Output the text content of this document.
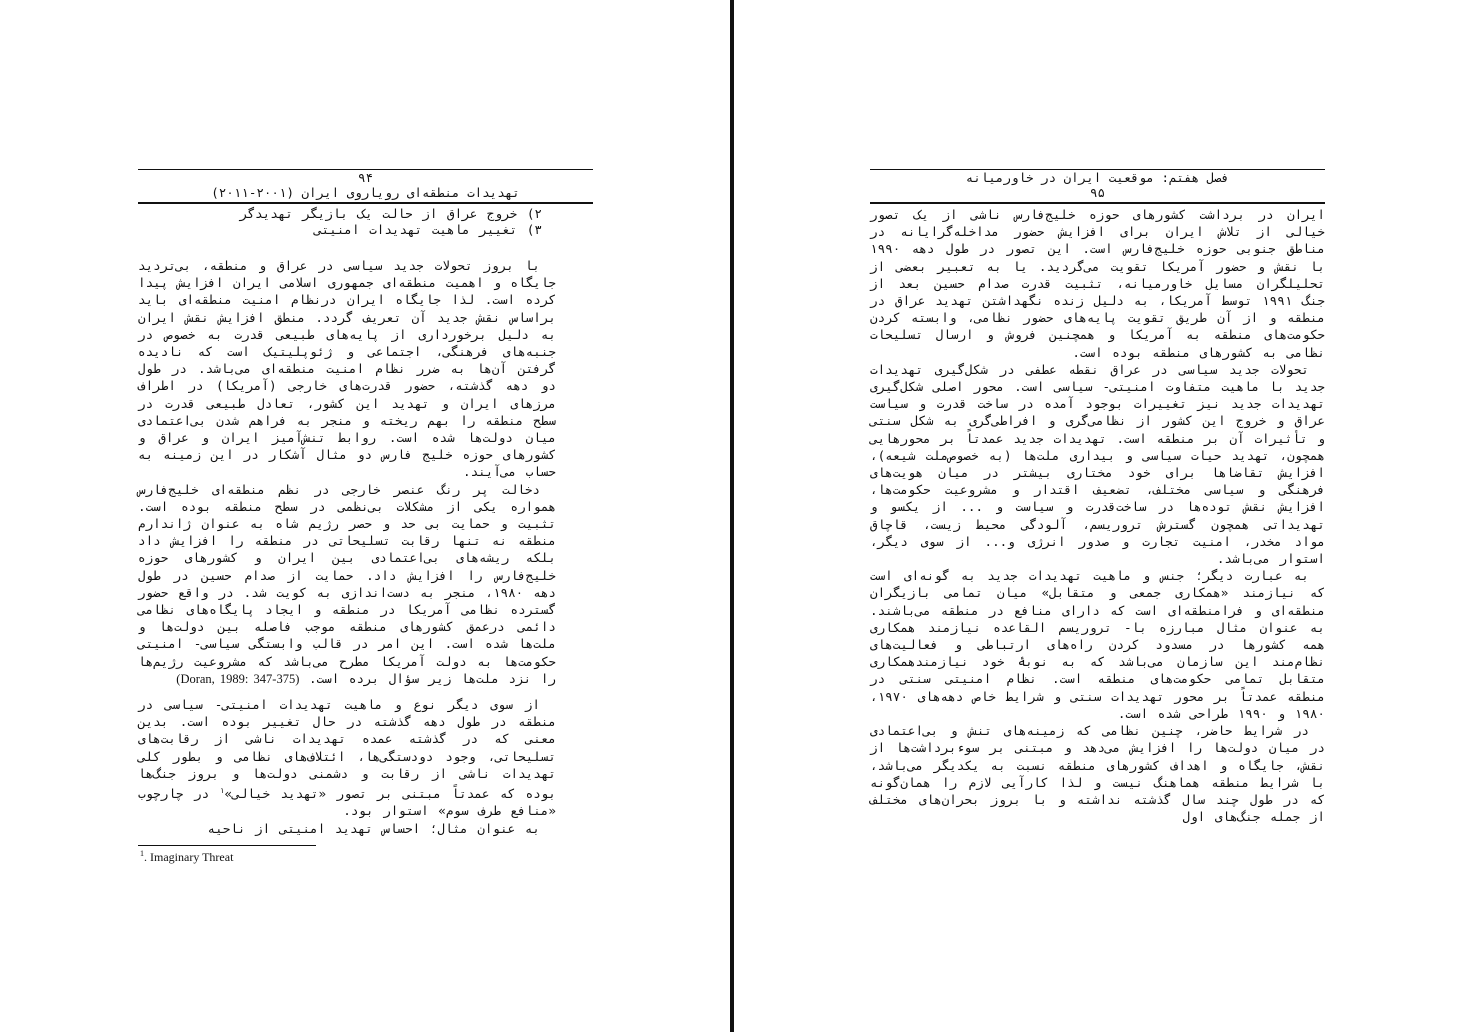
۹۴
تهدیدات منطقه‌ای رویاروی ایران (۲۰۰۱-۲۰۱۱)

۲) خروج عراق از حالت یک بازیگر تهدیدگر

۳) تغییر ماهیت تهدیدات امنیتی

با بروز تحولات جدید سیاسی در عراق و منطقه، بی‌تردید جایگاه و اهمیت منطقه‌ای جمهوری اسلامی ایران افزایش پیدا کرده است. لذا جایگاه ایران درنظام امنیت منطقه‌ای باید براساس نقش جدید آن تعریف گردد. منطق افزایش نقش ایران به دلیل برخورداری از پایه‌های طبیعی قدرت به خصوص در جنبه‌های فرهنگی، اجتماعی و ژئوپلیتیک است که نادیده گرفتن آن‌ها به ضرر نظام امنیت منطقه‌ای می‌باشد. در طول دو دهه گذشته، حضور قدرت‌های خارجی (آمریکا) در اطراف مرزهای ایران و تهدید این کشور، تعادل طبیعی قدرت در سطح منطقه را بهم ریخته و منجر به فراهم شدن بی‌اعتمادی میان دولت‌ها شده است. روابط تنش‌آمیز ایران و عراق و کشورهای حوزه خلیج فارس دو مثال آشکار در این زمینه به حساب می‌آیند.

دخالت پر رنگ عنصر خارجی در نظم منطقه‌ای خلیج‌فارس همواره یکی از مشکلات بی‌نظمی در سطح منطقه بوده است. تثبیت و حمایت بی حد و حصر رژیم شاه به عنوان ژاندارم منطقه نه تنها رقابت تسلیحاتی در منطقه را افزایش داد بلکه ریشه‌های بی‌اعتمادی بین ایران و کشورهای حوزه خلیج‌فارس را افزایش داد. حمایت از صدام حسین در طول دهه ۱۹۸۰، منجر به دست‌اندازی به کویت شد. در واقع حضور گسترده نظامی آمریکا در منطقه و ایجاد پایگاه‌های نظامی دائمی درعمق کشورهای منطقه موجب فاصله بین دولت‌ها و ملت‌ها شده است. این امر در قالب وابستگی سیاسی- امنیتی حکومت‌ها به دولت آمریکا مطرح می‌باشد که مشروعیت رژیم‌ها را نزد ملت‌ها زیر سؤال برده است. (Doran, 1989: 347-375)

از سوی دیگر نوع و ماهیت تهدیدات امنیتی- سیاسی در منطقه در طول دهه گذشته در حال تغییر بوده است. بدین معنی که در گذشته عمده تهدیدات ناشی از رقابت‌های تسلیحاتی، وجود دودستگی‌ها، ائتلاف‌های نظامی و بطور کلی تهدیدات ناشی از رقابت و دشمنی دولت‌ها و بروز جنگ‌ها بوده که عمدتاً مبتنی بر تصور «تهدید خیالی»$^۱$ در چارچوب «منافع طرف سوم» استوار بود.

به عنوان مثال؛ احساس تهدید امنیتی از ناحیه

$^1$. Imaginary Threat
فصل هفتم: موقعیت ایران در خاورمیانه
۹۵

ایران در برداشت کشورهای حوزه خلیج‌فارس ناشی از یک تصور خیالی از تلاش ایران برای افزایش حضور مداخله‌گرایانه در مناطق جنوبی حوزه خلیج‌فارس است. این تصور در طول دهه ۱۹۹۰ با نقش و حضور آمریکا تقویت می‌گردید. یا به تعبیر بعضی از تحلیلگران مسایل خاورمیانه، تثبیت قدرت صدام حسین بعد از جنگ ۱۹۹۱ توسط آمریکا، به دلیل زنده نگهداشتن تهدید عراق در منطقه و از آن طریق تقویت پایه‌های حضور نظامی، وابسته کردن حکومت‌های منطقه به آمریکا و همچنین فروش و ارسال تسلیحات نظامی به کشورهای منطقه بوده است.

تحولات جدید سیاسی در عراق نقطه عطفی در شکل‌گیری تهدیدات جدید با ماهیت متفاوت امنیتی- سیاسی است. محور اصلی شکل‌گیری تهدیدات جدید نیز تغییرات بوجود آمده در ساخت قدرت و سیاست عراق و خروج این کشور از نظامی‌گری و افراطی‌گری به شکل سنتی و تأثیرات آن بر منطقه است. تهدیدات جدید عمدتاً بر محورهایی همچون، تهدید حیات سیاسی و بیداری ملت‌ها (به خصوص‌ملت شیعه)، افزایش تقاضاها برای خود مختاری بیشتر در میان هویت‌های فرهنگی و سیاسی مختلف، تضعیف اقتدار و مشروعیت حکومت‌ها، افزایش نقش توده‌ها در ساخت‌قدرت و سیاست و ... از یکسو و تهدیداتی همچون گسترش تروریسم، آلودگی محیط زیست، قاچاق مواد مخدر، امنیت تجارت و صدور انرژی و... از سوی دیگر، استوار می‌باشد.

به عبارت دیگر؛ جنس و ماهیت تهدیدات جدید به گونه‌ای است که نیازمند «همکاری جمعی و متقابل» میان تمامی بازیگران منطقه‌ای و فرامنطقه‌ای است که دارای منافع در منطقه می‌باشند. به عنوان مثال مبارزه با- تروریسم القاعده نیازمند همکاری همه کشورها در مسدود کردن راه‌های ارتباطی و فعالیت‌های نظام‌مند این سازمان می‌باشد که به نوبۀ خود نیازمندهمکاری متقابل تمامی حکومت‌های منطقه است. نظام امنیتی سنتی در منطقه عمدتاً بر محور تهدیدات سنتی و شرایط خاص دهه‌های ۱۹۷۰، ۱۹۸۰ و ۱۹۹۰ طراحی شده است.

در شرایط حاضر، چنین نظامی که زمینه‌های تنش و بی‌اعتمادی در میان دولت‌ها را افزایش می‌دهد و مبتنی بر سوء‌برداشت‌ها از نقش، جایگاه و اهداف کشورهای منطقه نسبت به یکدیگر می‌باشد، با شرایط منطقه هماهنگ نیست و لذا کارآیی لازم را همان‌گونه که در طول چند سال گذشته نداشته و با بروز بحران‌های مختلف از جمله جنگ‌های اول
